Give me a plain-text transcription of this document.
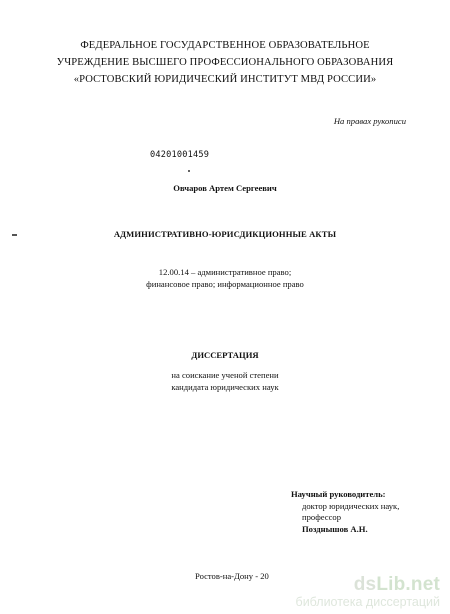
ФЕДЕРАЛЬНОЕ ГОСУДАРСТВЕННОЕ ОБРАЗОВАТЕЛЬНОЕ
УЧРЕЖДЕНИЕ ВЫСШЕГО ПРОФЕССИОНАЛЬНОГО ОБРАЗОВАНИЯ
«РОСТОВСКИЙ ЮРИДИЧЕСКИЙ ИНСТИТУТ МВД РОССИИ»
На правах рукописи
04201001459
Овчаров Артем Сергеевич
АДМИНИСТРАТИВНО-ЮРИСДИКЦИОННЫЕ АКТЫ
12.00.14 – административное право;
финансовое право; информационное право
ДИССЕРТАЦИЯ
на соискание ученой степени
кандидата юридических наук
Научный руководитель:
доктор юридических наук,
профессор
Позднышов А.Н.
Ростов-на-Дону - 20	dsLib.net
библиотека диссертаций
